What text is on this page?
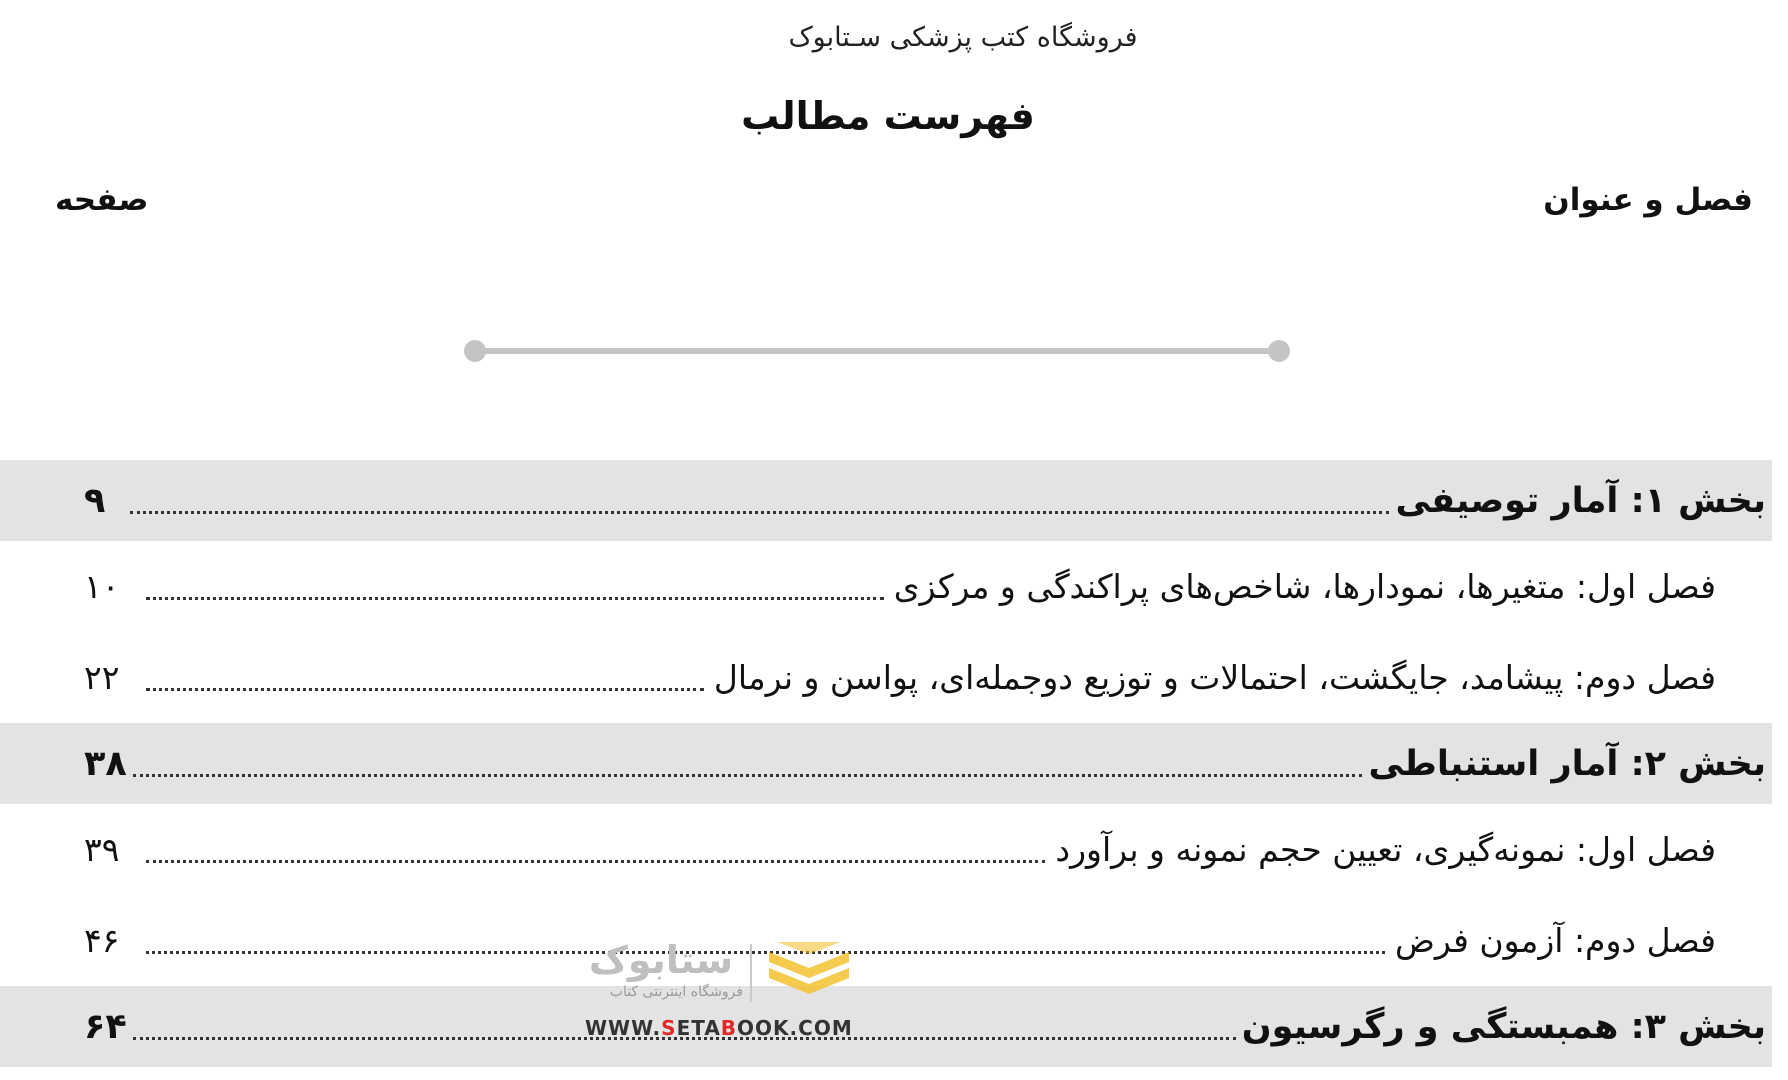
فروشگاه کتب پزشکی سـتابوک
فهرست مطالب
فصل و عنوان
صفحه
بخش ۱: آمار توصیفی
۹
فصل اول: متغیرها، نمودارها، شاخص‌های پراکندگی و مرکزی
۱۰
فصل دوم: پیشامد، جایگشت، احتمالات و توزیع دوجمله‌ای، پواسن و نرمال
۲۲
بخش ۲: آمار استنباطی
۳۸
فصل اول: نمونه‌گیری، تعیین حجم نمونه و برآورد
۳۹
فصل دوم: آزمون فرض
۴۶
بخش ۳: همبستگی و رگرسیون
۶۴
ستابوک
فروشگاه اینترنتی کتاب
WWW.SETABOOK.COM
